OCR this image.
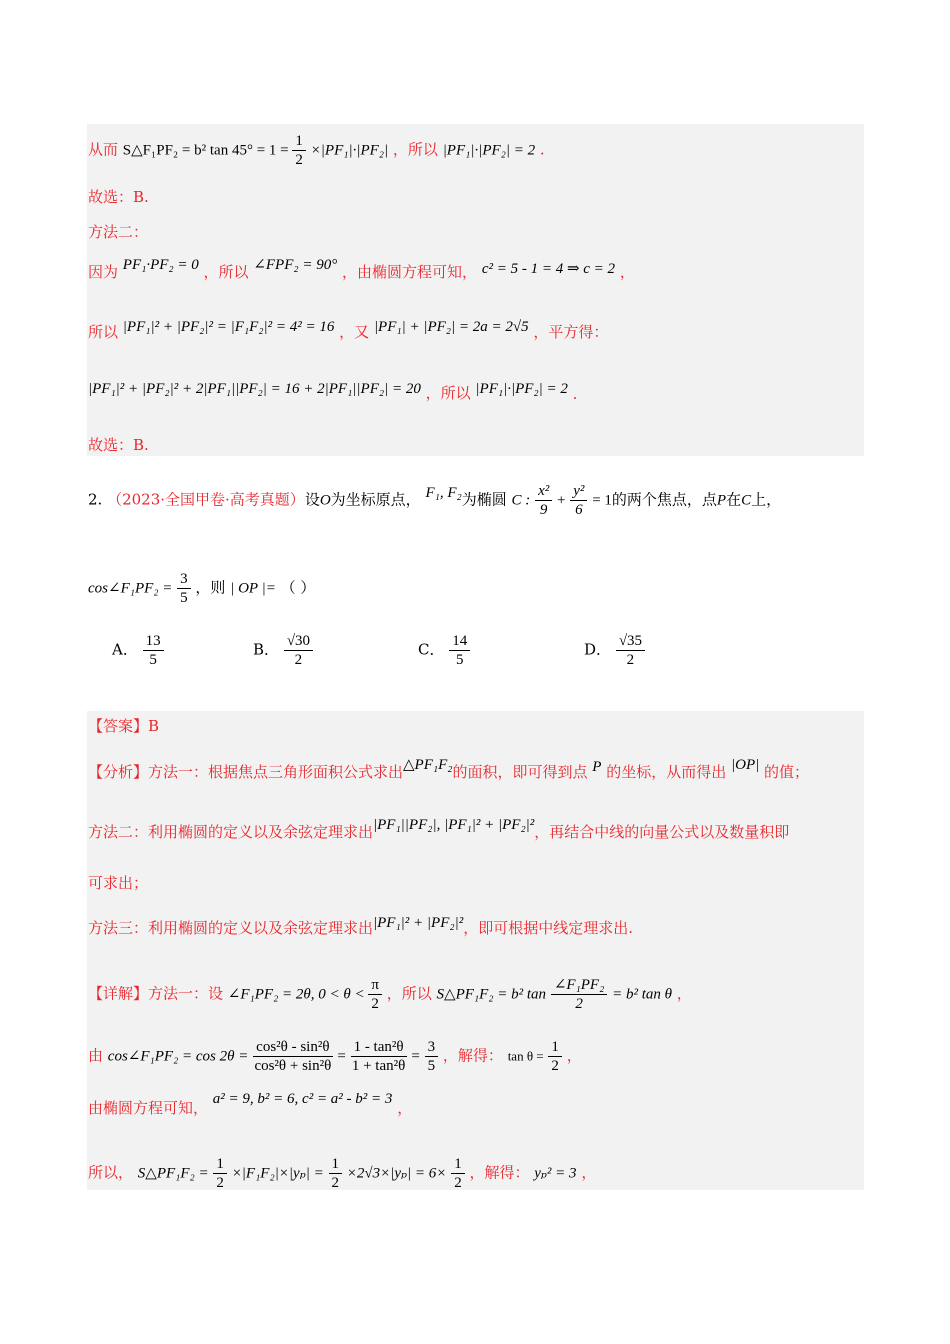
从而 S△F₁PF₂ = b² $\tan 45^\circ = 1 = \frac{1}{2} \times|PF_1|\cdot|PF_2|$ ，所以 |PF₁|·|PF₂| = 2 .
故选：B.
方法二：
因为 PF₁·PF₂ = 0 ，所以 ∠FPF₂ = 90° ，由椭圆方程可知， c² = 5 - 1 = 4 ⇒ c = 2 ，
所以 |PF₁|² + |PF₂|² = |F₁F₂|² = 4² = 16 ，又 |PF₁| + |PF₂| = 2a = 2√5 ，平方得：
|PF₁|² + |PF₂|² + 2|PF₁||PF₂| = 16 + 2|PF₁||PF₂| = 20 ，所以 |PF₁|·|PF₂| = 2 .
故选：B.
2. （2023·全国甲卷·高考真题）设O为坐标原点， F₁, F₂为椭圆 C : $\frac{\text{x²}}{9} + \frac{\text{y²}}{6} = 1$的两个焦点，点P在C上，
cos∠F₁PF₂ = $\frac{3}{5}$ ，则 | OP |= （ ）
A． $\frac{13}{5}$	B． $\frac{√30}{2}$	C． $\frac{14}{5}$	D． $\frac{√35}{2}$
【答案】B
【分析】方法一：根据焦点三角形面积公式求出△PF₁F₂的面积，即可得到点 P 的坐标，从而得出 |OP| 的值；
方法二：利用椭圆的定义以及余弦定理求出|PF₁||PF₂|, |PF₁|² + |PF₂|²，再结合中线的向量公式以及数量积即
可求出；
方法三：利用椭圆的定义以及余弦定理求出|PF₁|² + |PF₂|²，即可根据中线定理求出.
【详解】方法一：设 ∠F₁PF₂ = 2θ, $0 < \theta < \frac{\pi}{2}$ ，所以 S△PF₁F₂ = b² $\tan \frac{\text{∠F₁PF₂}}{2} = b^2$ tan θ ，
由 cos∠F₁PF₂ = $\cos 2\theta = \frac{\text{cos²θ - sin²θ}}{\text{cos²θ + sin²θ}} = \frac{\text{1 - tan²θ}}{\text{1 + tan²θ}} = \frac{3}{5}$ ，解得： $\tan \theta = \frac{1}{2}$ ，
由椭圆方程可知， a² = 9, b² = 6, c² = a² - b² = 3 ，
所以， S△PF₁F₂ = $\frac{1}{2} \times|F_1F_2|\times|y_p| = \frac{1}{2} \times 2√3\times|y_p| = 6\times \frac{1}{2}$ ，解得： yₚ² = 3 ，
